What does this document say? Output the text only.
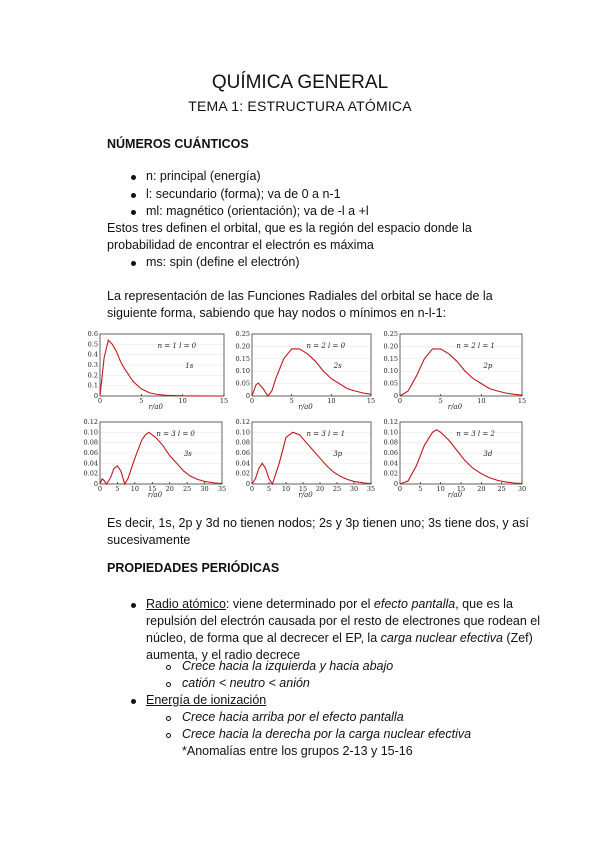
QUÍMICA GENERAL
TEMA 1: ESTRUCTURA ATÓMICA
NÚMEROS CUÁNTICOS
n: principal (energía)
l: secundario (forma); va de 0 a n-1
ml: magnético (orientación); va de -l a +l
Estos tres definen el orbital, que es la región del espacio donde la
probabilidad de encontrar el electrón es máxima
ms: spin (define el electrón)
La representación de las Funciones Radiales del orbital se hace de la
siguiente forma, sabiendo que hay nodos o mínimos en n-l-1:
0
0.1
0.2
0.3
0.4
0.5
0.6
0	5	10	15
r/a0
n = 1 l = 0
1s
0
0.05
0.10
0.15
0.20
0.25
0	5	10	15
r/a0
n = 2 l = 0
2s
0
0.05
0.10
0.15
0.20
0.25
0	5	10	15
r/a0
n = 2 l = 1
2p
0
0.02
0.04
0.06
0.08
0.10
0.12
0 5 10 15 20 25 30 35
r/a0
n = 3 l = 0
3s
0
0.02
0.04
0.06
0.08
0.10
0.12
0 5 10 15 20 25 30 35
r/a0
n = 3 l = 1
3p
0
0.02
0.04
0.06
0.08
0.10
0.12
0 5 10 15 20 25 30
r/a0
n = 3 l = 2
3d
Es decir, 1s, 2p y 3d no tienen nodos; 2s y 3p tienen uno; 3s tiene dos, y así
sucesivamente
PROPIEDADES PERIÓDICAS
Radio atómico: viene determinado por el efecto pantalla, que es la
repulsión del electrón causada por el resto de electrones que rodean el
núcleo, de forma que al decrecer el EP, la carga nuclear efectiva (Zef)
aumenta, y el radio decrece
Crece hacia la izquierda y hacia abajo
catión < neutro < anión
Energía de ionización
Crece hacia arriba por el efecto pantalla
Crece hacia la derecha por la carga nuclear efectiva
*Anomalías entre los grupos 2-13 y 15-16
